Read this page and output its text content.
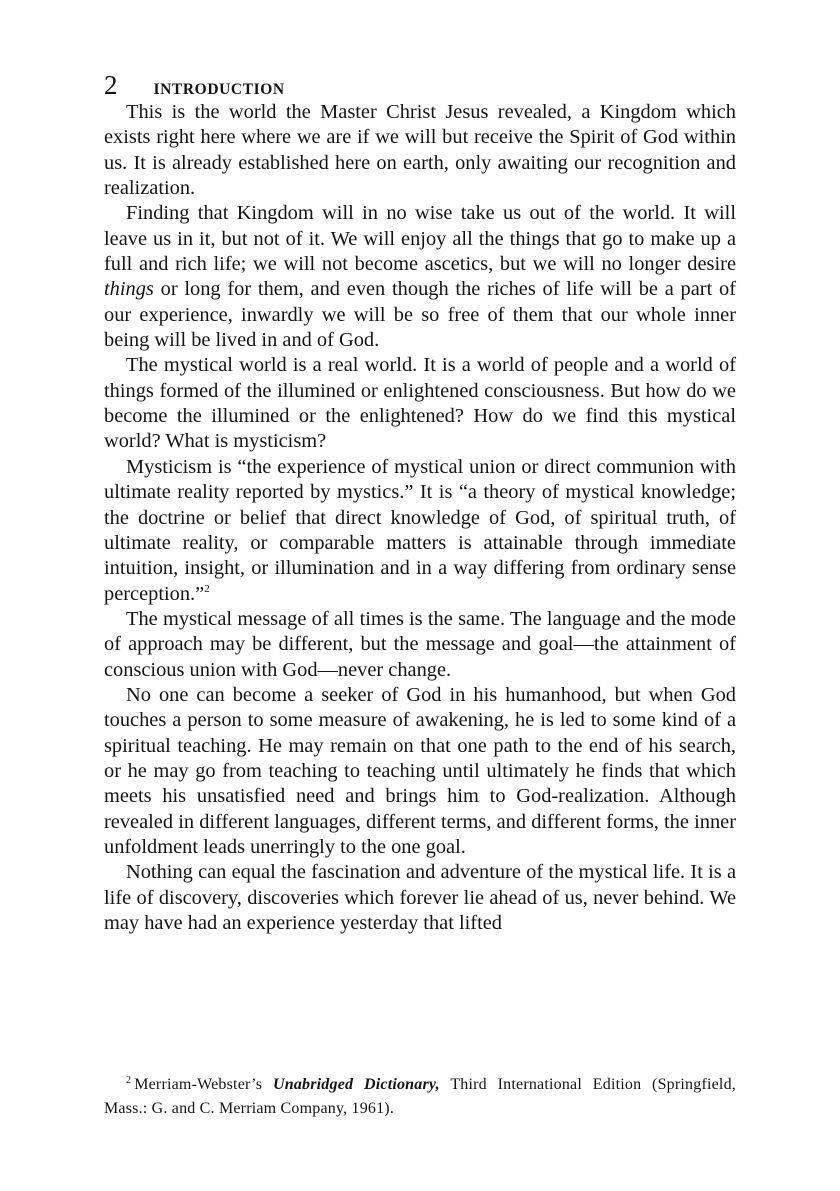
2 INTRODUCTION

This is the world the Master Christ Jesus revealed, a Kingdom which exists right here where we are if we will but receive the Spirit of God within us. It is already established here on earth, only awaiting our recognition and realization.

Finding that Kingdom will in no wise take us out of the world. It will leave us in it, but not of it. We will enjoy all the things that go to make up a full and rich life; we will not become ascetics, but we will no longer desire things or long for them, and even though the riches of life will be a part of our experience, inwardly we will be so free of them that our whole inner being will be lived in and of God.

The mystical world is a real world. It is a world of people and a world of things formed of the illumined or enlightened consciousness. But how do we become the illumined or the enlightened? How do we find this mystical world? What is mysticism?

Mysticism is “the experience of mystical union or direct communion with ultimate reality reported by mystics.” It is “a theory of mystical knowledge; the doctrine or belief that direct knowledge of God, of spiritual truth, of ultimate reality, or comparable matters is attainable through immediate intuition, insight, or illumination and in a way differing from ordinary sense perception.”$^2$

The mystical message of all times is the same. The language and the mode of approach may be different, but the message and goal—the attainment of conscious union with God—never change.

No one can become a seeker of God in his humanhood, but when God touches a person to some measure of awakening, he is led to some kind of a spiritual teaching. He may remain on that one path to the end of his search, or he may go from teaching to teaching until ultimately he finds that which meets his unsatisfied need and brings him to God-realization. Although revealed in different languages, different terms, and different forms, the inner unfoldment leads unerringly to the one goal.

Nothing can equal the fascination and adventure of the mystical life. It is a life of discovery, discoveries which forever lie ahead of us, never behind. We may have had an experience yesterday that lifted

$^2$ Merriam-Webster’s Unabridged Dictionary, Third International Edition (Springfield, Mass.: G. and C. Merriam Company, 1961).
